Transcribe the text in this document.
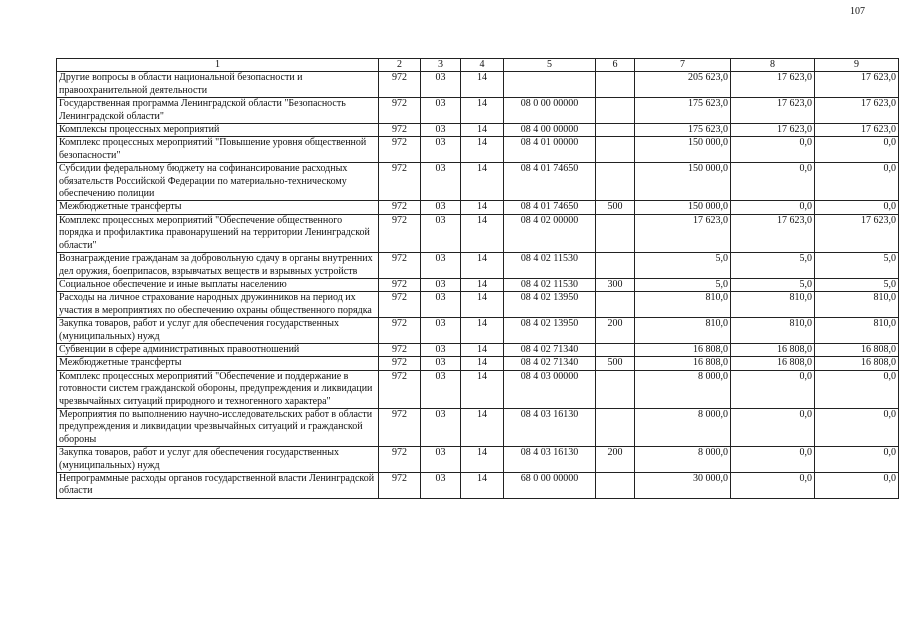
107
1	2	3	4	5	6	7	8	9
Другие вопросы в области национальной безопасности и правоохранительной деятельности	972	03	14			205 623,0	17 623,0	17 623,0
Государственная программа Ленинградской области "Безопасность Ленинградской области"	972	03	14	08 0 00 00000		175 623,0	17 623,0	17 623,0
Комплексы процессных мероприятий	972	03	14	08 4 00 00000		175 623,0	17 623,0	17 623,0
Комплекс процессных мероприятий "Повышение уровня общественной безопасности"	972	03	14	08 4 01 00000		150 000,0	0,0	0,0
Субсидии федеральному бюджету на софинансирование расходных обязательств Российской Федерации по материально-техническому обеспечению полиции	972	03	14	08 4 01 74650		150 000,0	0,0	0,0
Межбюджетные трансферты	972	03	14	08 4 01 74650	500	150 000,0	0,0	0,0
Комплекс процессных мероприятий "Обеспечение общественного порядка и профилактика правонарушений на территории Ленинградской области"	972	03	14	08 4 02 00000		17 623,0	17 623,0	17 623,0
Вознаграждение гражданам за добровольную сдачу в органы внутренних дел оружия, боеприпасов, взрывчатых веществ и взрывных устройств	972	03	14	08 4 02 11530		5,0	5,0	5,0
Социальное обеспечение и иные выплаты населению	972	03	14	08 4 02 11530	300	5,0	5,0	5,0
Расходы на личное страхование народных дружинников на период их участия в мероприятиях по обеспечению охраны общественного порядка	972	03	14	08 4 02 13950		810,0	810,0	810,0
Закупка товаров, работ и услуг для обеспечения государственных (муниципальных) нужд	972	03	14	08 4 02 13950	200	810,0	810,0	810,0
Субвенции в сфере административных правоотношений	972	03	14	08 4 02 71340		16 808,0	16 808,0	16 808,0
Межбюджетные трансферты	972	03	14	08 4 02 71340	500	16 808,0	16 808,0	16 808,0
Комплекс процессных мероприятий "Обеспечение и поддержание в готовности систем гражданской обороны, предупреждения и ликвидации чрезвычайных ситуаций природного и техногенного характера"	972	03	14	08 4 03 00000		8 000,0	0,0	0,0
Мероприятия по выполнению научно-исследовательских работ в области предупреждения и ликвидации чрезвычайных ситуаций и гражданской обороны	972	03	14	08 4 03 16130		8 000,0	0,0	0,0
Закупка товаров, работ и услуг для обеспечения государственных (муниципальных) нужд	972	03	14	08 4 03 16130	200	8 000,0	0,0	0,0
Непрограммные расходы органов государственной власти Ленинградской области	972	03	14	68 0 00 00000		30 000,0	0,0	0,0
